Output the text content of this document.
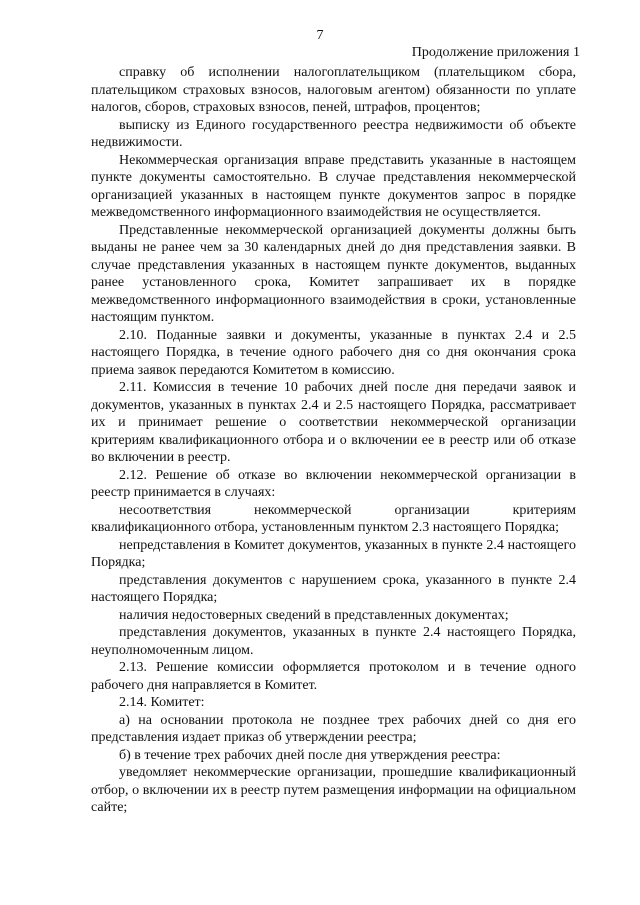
7
Продолжение приложения 1

справку об исполнении налогоплательщиком (плательщиком сбора, плательщиком страховых взносов, налоговым агентом) обязанности по уплате налогов, сборов, страховых взносов, пеней, штрафов, процентов;

выписку из Единого государственного реестра недвижимости об объекте недвижимости.

Некоммерческая организация вправе представить указанные в настоящем пункте документы самостоятельно. В случае представления некоммерческой организацией указанных в настоящем пункте документов запрос в порядке межведомственного информационного взаимодействия не осуществляется.

Представленные некоммерческой организацией документы должны быть выданы не ранее чем за 30 календарных дней до дня представления заявки. В случае представления указанных в настоящем пункте документов, выданных ранее установленного срока, Комитет запрашивает их в порядке межведомственного информационного взаимодействия в сроки, установленные настоящим пунктом.

2.10. Поданные заявки и документы, указанные в пунктах 2.4 и 2.5 настоящего Порядка, в течение одного рабочего дня со дня окончания срока приема заявок передаются Комитетом в комиссию.

2.11. Комиссия в течение 10 рабочих дней после дня передачи заявок и документов, указанных в пунктах 2.4 и 2.5 настоящего Порядка, рассматривает их и принимает решение о соответствии некоммерческой организации критериям квалификационного отбора и о включении ее в реестр или об отказе во включении в реестр.

2.12. Решение об отказе во включении некоммерческой организации в реестр принимается в случаях:

несоответствия некоммерческой организации критериям квалификационного отбора, установленным пунктом 2.3 настоящего Порядка;

непредставления в Комитет документов, указанных в пункте 2.4 настоящего Порядка;

представления документов с нарушением срока, указанного в пункте 2.4 настоящего Порядка;

наличия недостоверных сведений в представленных документах;

представления документов, указанных в пункте 2.4 настоящего Порядка, неуполномоченным лицом.

2.13. Решение комиссии оформляется протоколом и в течение одного рабочего дня направляется в Комитет.

2.14. Комитет:

а) на основании протокола не позднее трех рабочих дней со дня его представления издает приказ об утверждении реестра;

б) в течение трех рабочих дней после дня утверждения реестра:

уведомляет некоммерческие организации, прошедшие квалификационный отбор, о включении их в реестр путем размещения информации на официальном сайте;
